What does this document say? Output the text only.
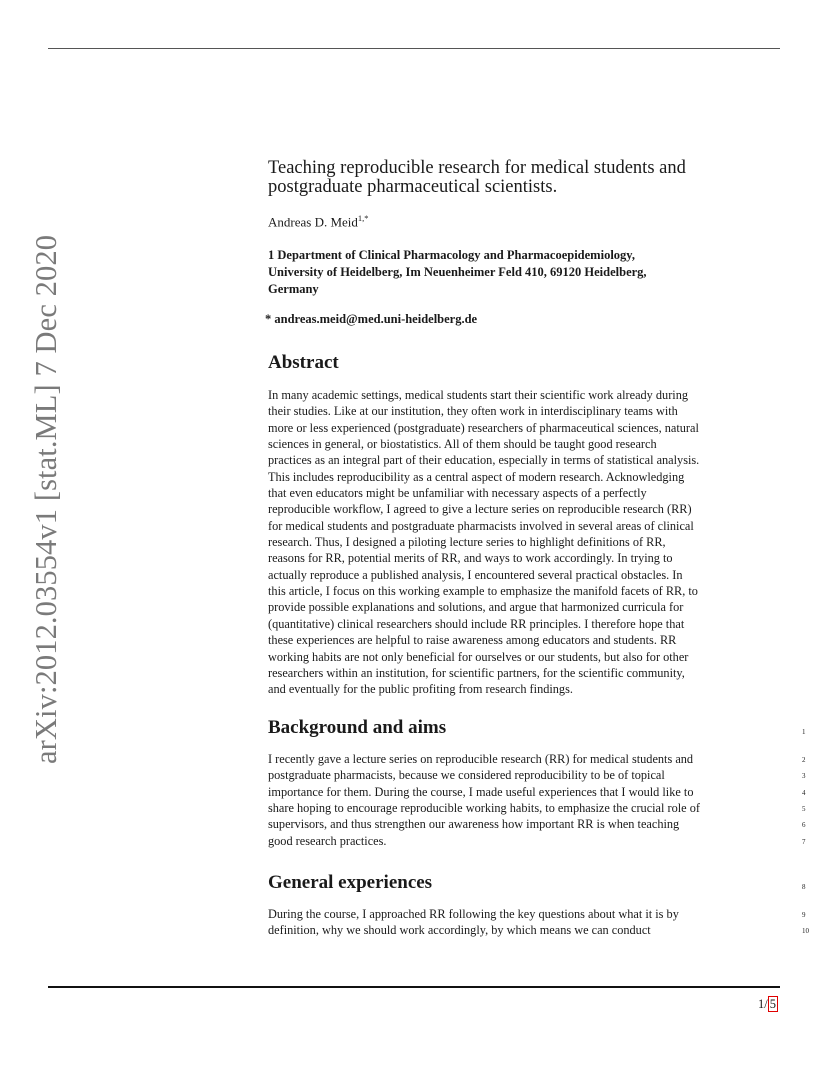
arXiv:2012.03554v1 [stat.ML] 7 Dec 2020
Teaching reproducible research for medical students and
postgraduate pharmaceutical scientists.
Andreas D. Meid$^{1,*}$
1 Department of Clinical Pharmacology and Pharmacoepidemiology,
University of Heidelberg, Im Neuenheimer Feld 410, 69120 Heidelberg,
Germany
* andreas.meid@med.uni-heidelberg.de
Abstract
In many academic settings, medical students start their scientific work already during
their studies. Like at our institution, they often work in interdisciplinary teams with
more or less experienced (postgraduate) researchers of pharmaceutical sciences, natural
sciences in general, or biostatistics. All of them should be taught good research
practices as an integral part of their education, especially in terms of statistical analysis.
This includes reproducibility as a central aspect of modern research. Acknowledging
that even educators might be unfamiliar with necessary aspects of a perfectly
reproducible workflow, I agreed to give a lecture series on reproducible research (RR)
for medical students and postgraduate pharmacists involved in several areas of clinical
research. Thus, I designed a piloting lecture series to highlight definitions of RR,
reasons for RR, potential merits of RR, and ways to work accordingly. In trying to
actually reproduce a published analysis, I encountered several practical obstacles. In
this article, I focus on this working example to emphasize the manifold facets of RR, to
provide possible explanations and solutions, and argue that harmonized curricula for
(quantitative) clinical researchers should include RR principles. I therefore hope that
these experiences are helpful to raise awareness among educators and students. RR
working habits are not only beneficial for ourselves or our students, but also for other
researchers within an institution, for scientific partners, for the scientific community,
and eventually for the public profiting from research findings.
Background and aims	1
I recently gave a lecture series on reproducible research (RR) for medical students and
postgraduate pharmacists, because we considered reproducibility to be of topical
importance for them. During the course, I made useful experiences that I would like to
share hoping to encourage reproducible working habits, to emphasize the crucial role of
supervisors, and thus strengthen our awareness how important RR is when teaching
good research practices.
General experiences	8
During the course, I approached RR following the key questions about what it is by
definition, why we should work accordingly, by which means we can conduct
2
3
4
5
6
7
9
10
1/ 5
